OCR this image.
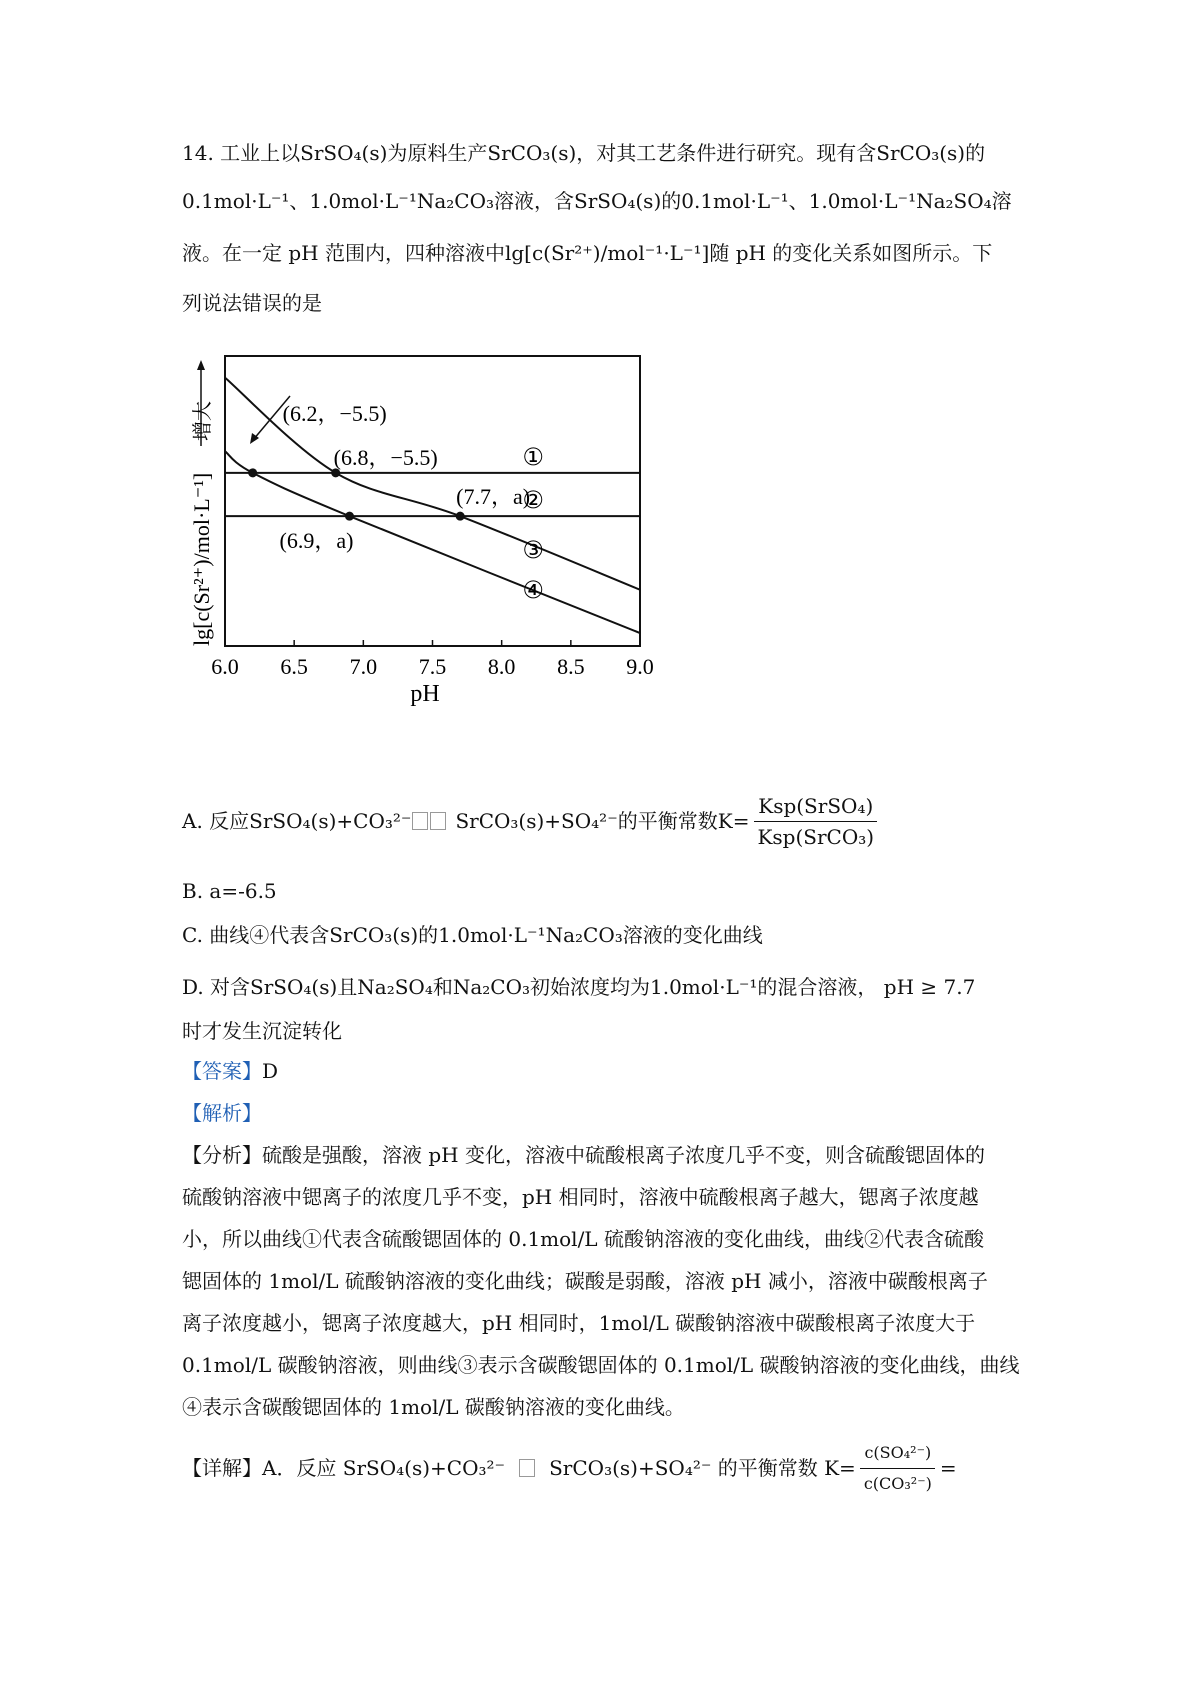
14. 工业上以SrSO₄(s)为原料生产SrCO₃(s)，对其工艺条件进行研究。现有含SrCO₃(s)的
0.1mol·L⁻¹、1.0mol·L⁻¹Na₂CO₃溶液，含SrSO₄(s)的0.1mol·L⁻¹、1.0mol·L⁻¹Na₂SO₄溶
液。在一定 pH 范围内，四种溶液中lg[c(Sr²⁺)/mol⁻¹·L⁻¹]随 pH 的变化关系如图所示。下
列说法错误的是
6.0 6.5 7.0 7.5 8.0 8.5 9.0
(6.2，−5.5)
(6.8，−5.5)
(7.7，a)
(6.9，a)
①
②
③
④
lg[c(Sr²⁺)/mol·L⁻¹]
增大
pH
A. 反应SrSO₄(s)+CO₃²⁻ SrCO₃(s)+SO₄²⁻的平衡常数$K= \frac{\text{Ksp(SrSO₄)}}{\text{Ksp(SrCO₃)}}$
B. a=-6.5
C. 曲线④代表含SrCO₃(s)的1.0mol·L⁻¹Na₂CO₃溶液的变化曲线
D. 对含SrSO₄(s)且Na₂SO₄和Na₂CO₃初始浓度均为1.0mol·L⁻¹的混合溶液， pH ≥ 7.7
时才发生沉淀转化
【答案】D
【解析】
【分析】硫酸是强酸，溶液 pH 变化，溶液中硫酸根离子浓度几乎不变，则含硫酸锶固体的
硫酸钠溶液中锶离子的浓度几乎不变，pH 相同时，溶液中硫酸根离子越大，锶离子浓度越
小，所以曲线①代表含硫酸锶固体的 0.1mol/L 硫酸钠溶液的变化曲线，曲线②代表含硫酸
锶固体的 1mol/L 硫酸钠溶液的变化曲线；碳酸是弱酸，溶液 pH 减小，溶液中碳酸根离子
离子浓度越小，锶离子浓度越大，pH 相同时，1mol/L 碳酸钠溶液中碳酸根离子浓度大于
0.1mol/L 碳酸钠溶液，则曲线③表示含碳酸锶固体的 0.1mol/L 碳酸钠溶液的变化曲线，曲线
④表示含碳酸锶固体的 1mol/L 碳酸钠溶液的变化曲线。
【详解】 A．反应 SrSO₄(s)+CO₃²⁻ SrCO₃(s)+SO₄²⁻ 的平衡常数 $K= \frac{\text{c(SO₄²⁻)}}{\text{c(CO₃²⁻)}}$ =
